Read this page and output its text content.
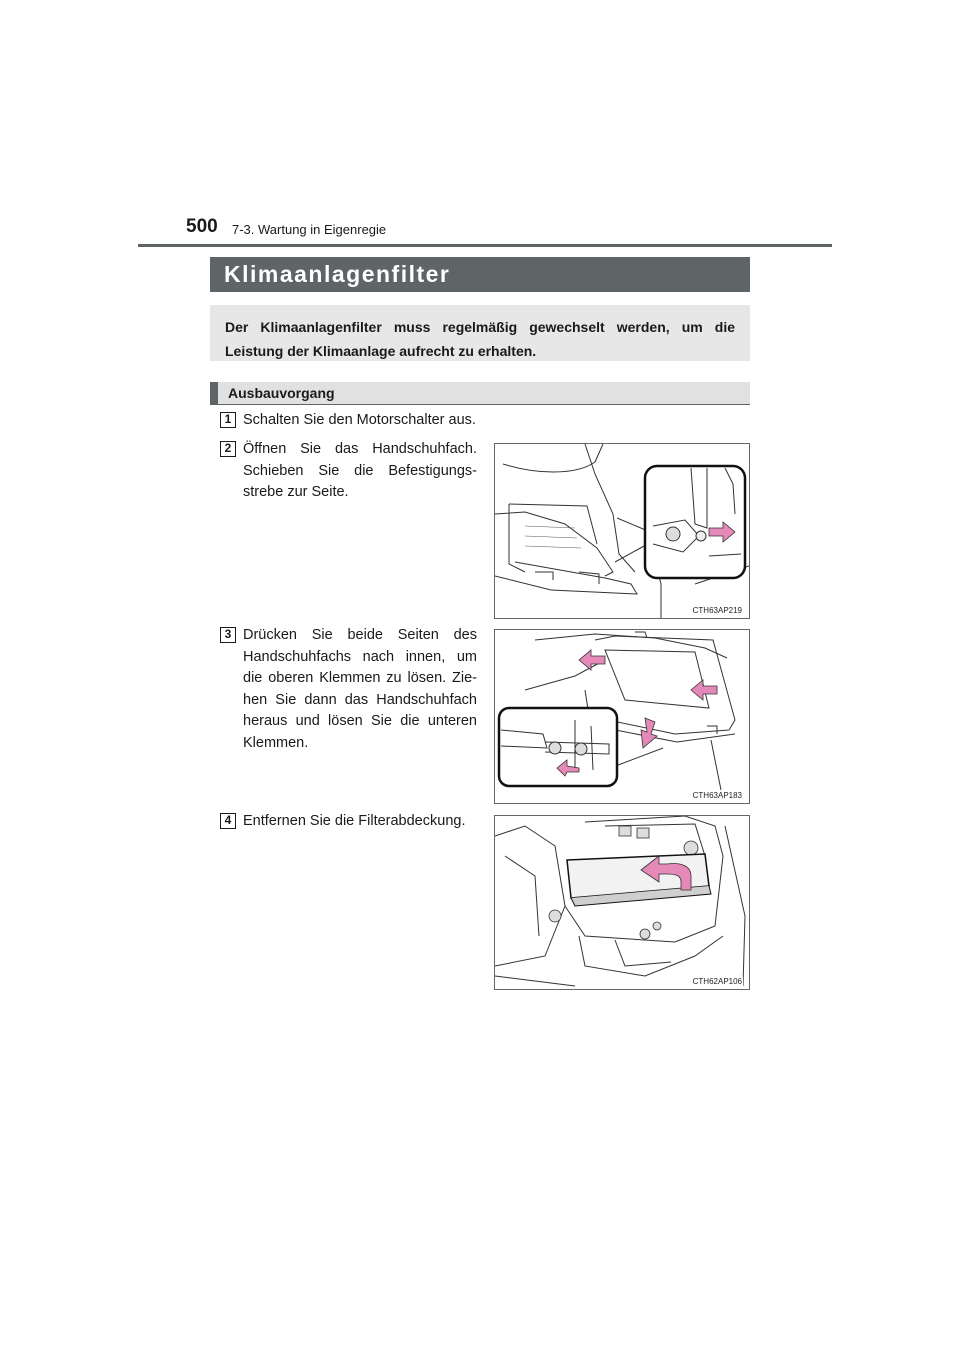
500 7-3. Wartung in Eigenregie
Klimaanlagenfilter
Der Klimaanlagenfilter muss regelmäßig gewechselt werden, um die Leistung der Klimaanlage aufrecht zu erhalten.
Ausbauvorgang
1 Schalten Sie den Motorschalter aus.
2 Öffnen Sie das Handschuhfach. Schieben Sie die Befestigungs-strebe zur Seite.
CTH63AP219
3 Drücken Sie beide Seiten des Handschuhfachs nach innen, um die oberen Klemmen zu lösen. Zie-hen Sie dann das Handschuhfach heraus und lösen Sie die unteren Klemmen.
CTH63AP183
4 Entfernen Sie die Filterabdeckung.
CTH62AP106
